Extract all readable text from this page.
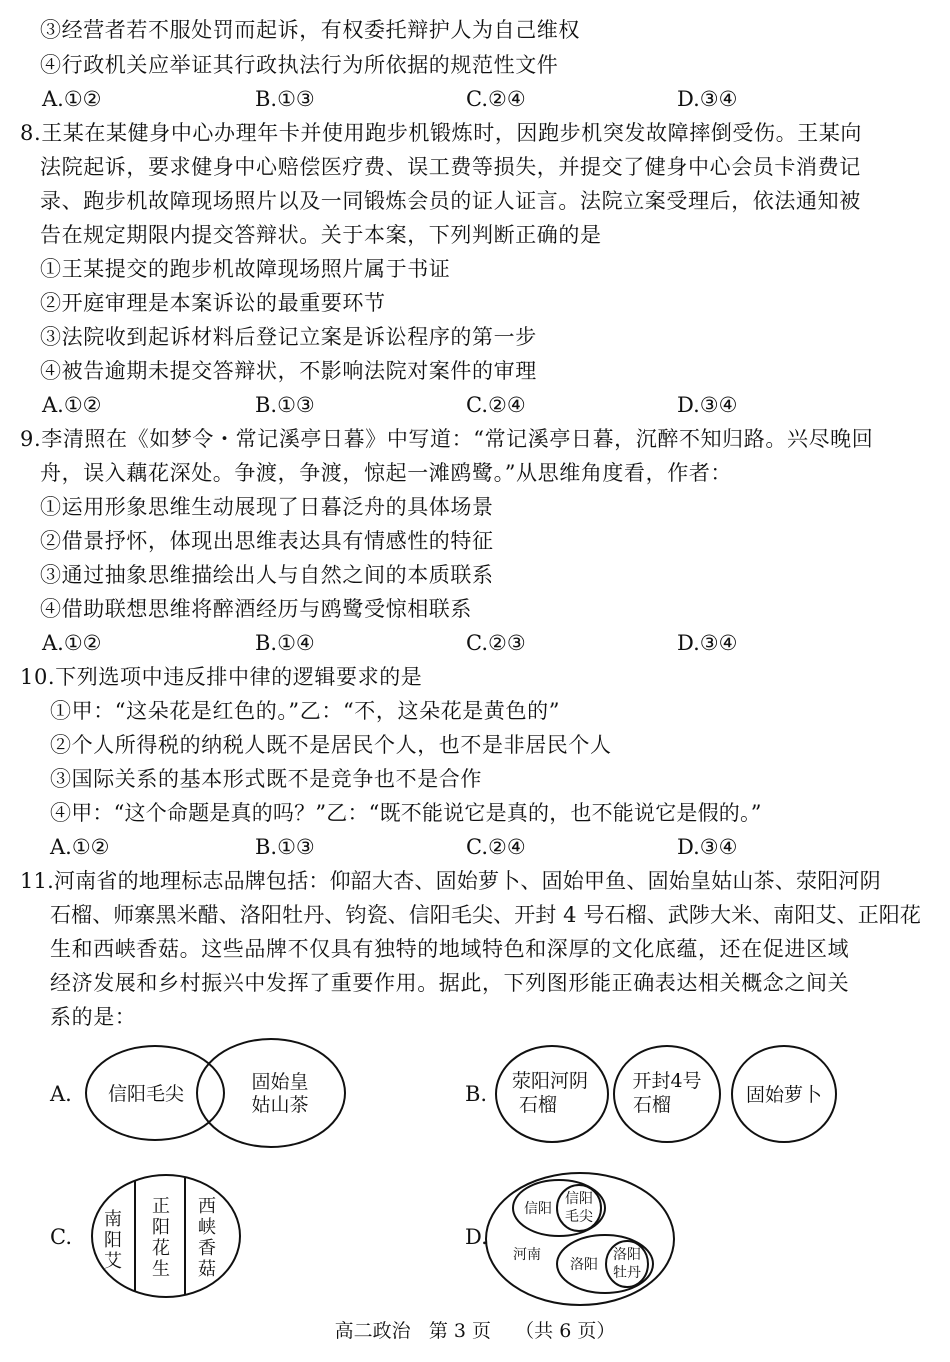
③经营者若不服处罚而起诉，有权委托辩护人为自己维权
④行政机关应举证其行政执法行为所依据的规范性文件
A.①②	B.①③	C.②④	D.③④
8.王某在某健身中心办理年卡并使用跑步机锻炼时，因跑步机突发故障摔倒受伤。王某向
法院起诉，要求健身中心赔偿医疗费、误工费等损失，并提交了健身中心会员卡消费记
录、跑步机故障现场照片以及一同锻炼会员的证人证言。法院立案受理后，依法通知被
告在规定期限内提交答辩状。关于本案，下列判断正确的是
①王某提交的跑步机故障现场照片属于书证
②开庭审理是本案诉讼的最重要环节
③法院收到起诉材料后登记立案是诉讼程序的第一步
④被告逾期未提交答辩状，不影响法院对案件的审理
A.①②	B.①③	C.②④	D.③④
9.李清照在《如梦令・常记溪亭日暮》中写道：“常记溪亭日暮，沉醉不知归路。兴尽晚回
舟，误入藕花深处。争渡，争渡，惊起一滩鸥鹭。”从思维角度看，作者：
①运用形象思维生动展现了日暮泛舟的具体场景
②借景抒怀，体现出思维表达具有情感性的特征
③通过抽象思维描绘出人与自然之间的本质联系
④借助联想思维将醉酒经历与鸥鹭受惊相联系
A.①②	B.①④	C.②③	D.③④
10.下列选项中违反排中律的逻辑要求的是
①甲：“这朵花是红色的。”乙：“不，这朵花是黄色的”
②个人所得税的纳税人既不是居民个人，也不是非居民个人
③国际关系的基本形式既不是竞争也不是合作
④甲：“这个命题是真的吗？”乙：“既不能说它是真的，也不能说它是假的。”
A.①②	B.①③	C.②④	D.③④
11.河南省的地理标志品牌包括：仰韶大杏、固始萝卜、固始甲鱼、固始皇姑山茶、荥阳河阴
石榴、师寨黑米醋、洛阳牡丹、钧瓷、信阳毛尖、开封 4 号石榴、武陟大米、南阳艾、正阳花
生和西峡香菇。这些品牌不仅具有独特的地域特色和深厚的文化底蕴，还在促进区域
经济发展和乡村振兴中发挥了重要作用。据此，下列图形能正确表达相关概念之间关
系的是：
A.	B.
C.	D.
信阳毛尖
固始皇
姑山茶
荥阳河阴
石榴
开封4号
石榴	固始萝卜
南
阳
艾
正
阳
花
生
西
峡
香
菇
河南
信阳
信阳
毛尖
洛阳
洛阳
牡丹
高二政治 第 3 页 （共 6 页）
